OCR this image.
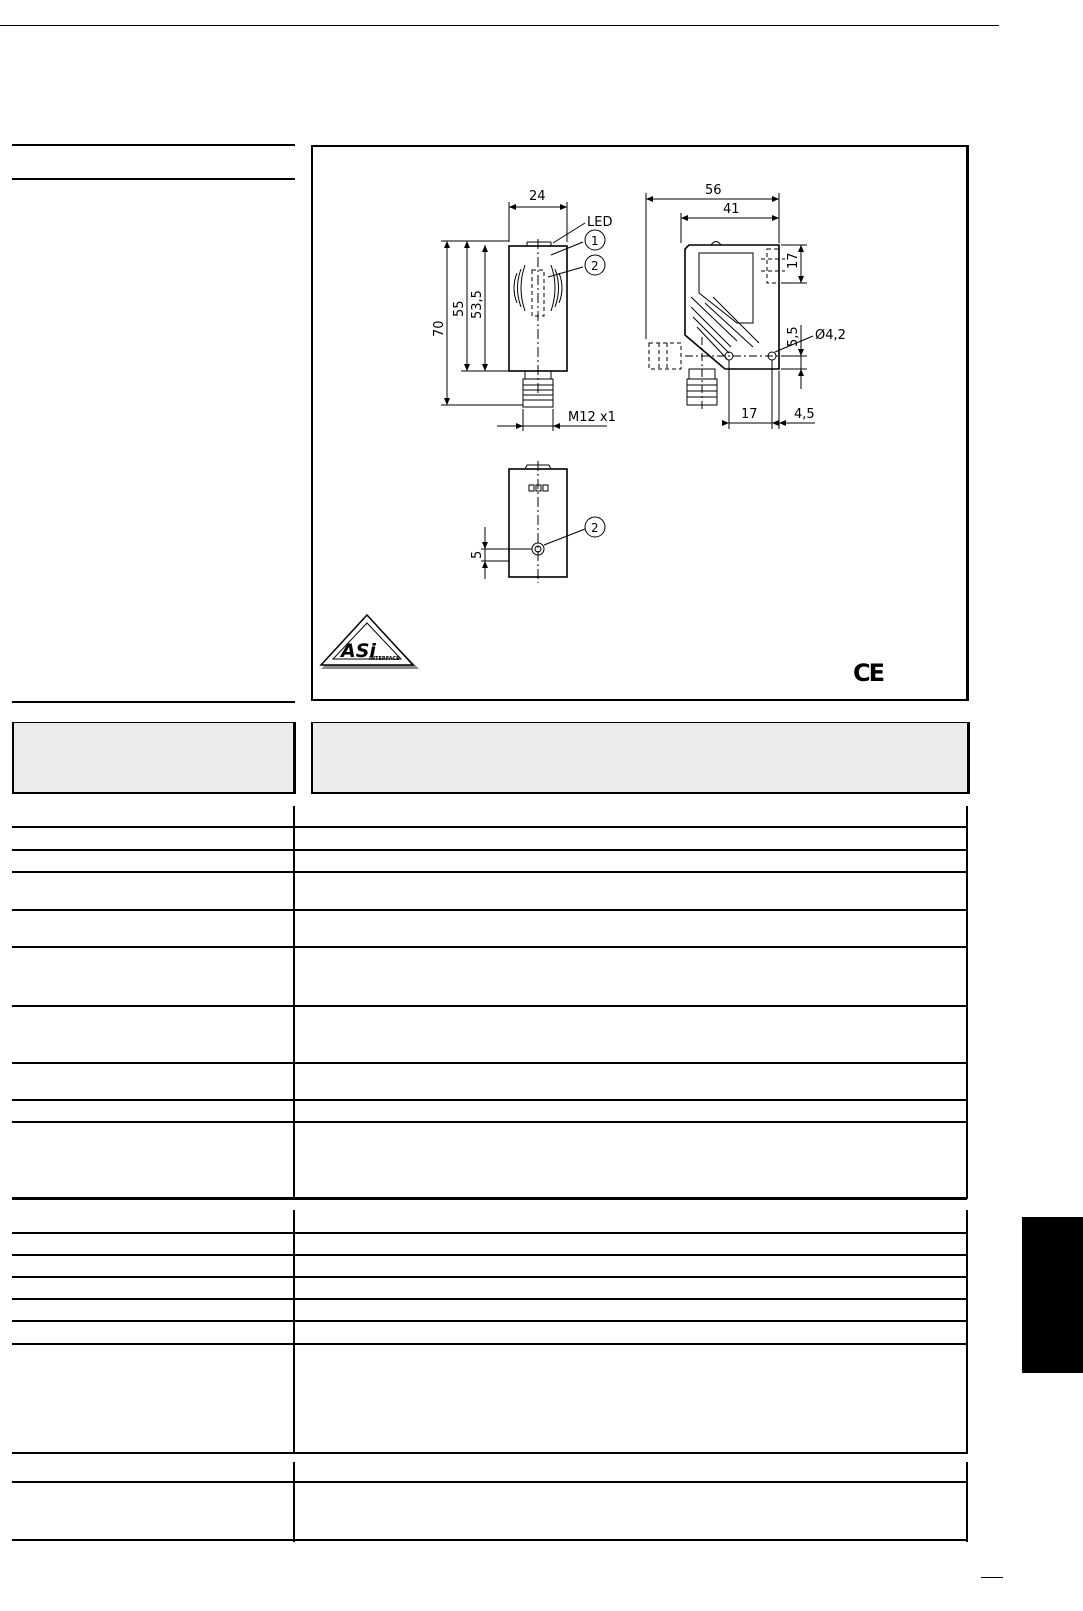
24
LED
1
2
70
55 53,5
M12 x1
56
41
17
5,5 Ø4,2
17	4,5
5
2
ASi
INTERFACE	CE
